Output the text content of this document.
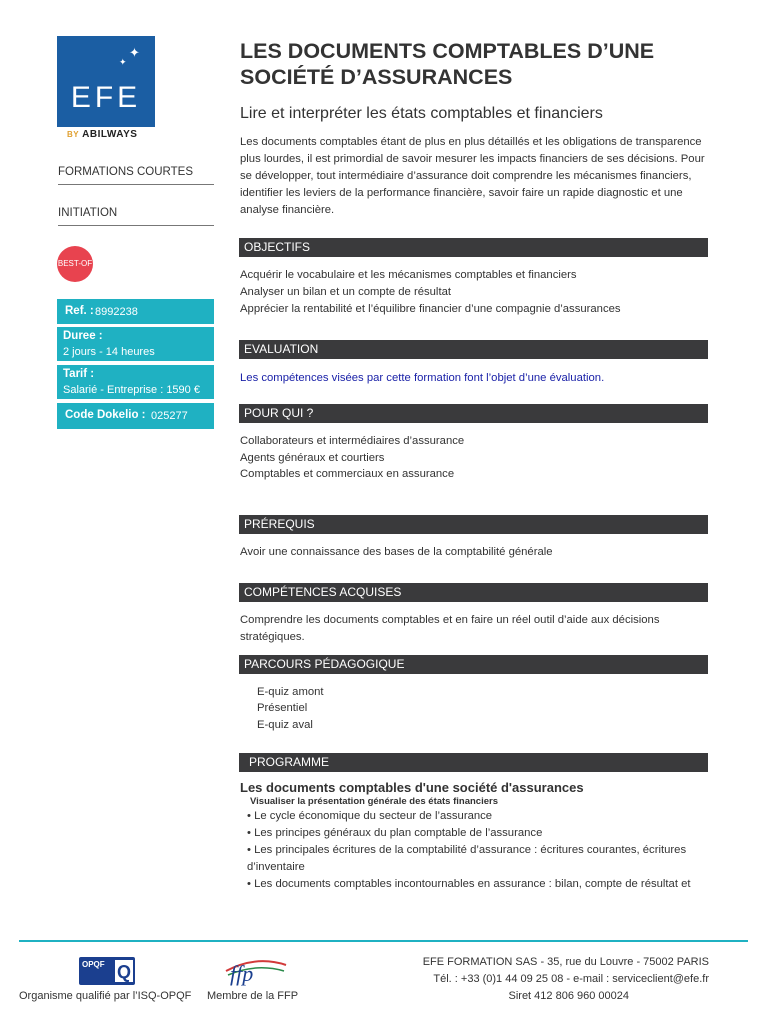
✦
✦
EFE
BY ABILWAYS
FORMATIONS COURTES
INITIATION
BEST-OF
Ref. : 8992238
Duree :
2 jours - 14 heures
Tarif :
Salarié - Entreprise : 1590 €
Code Dokelio : 025277
LES DOCUMENTS COMPTABLES D’UNE SOCIÉTÉ D’ASSURANCES
Lire et interpréter les états comptables et financiers
Les documents comptables étant de plus en plus détaillés et les obligations de transparence plus lourdes, il est primordial de savoir mesurer les impacts financiers de ses décisions. Pour se développer, tout intermédiaire d’assurance doit comprendre les mécanismes financiers, identifier les leviers de la performance financière, savoir faire un rapide diagnostic et une analyse financière.
OBJECTIFS
Acquérir le vocabulaire et les mécanismes comptables et financiers
Analyser un bilan et un compte de résultat
Apprécier la rentabilité et l’équilibre financier d’une compagnie d’assurances
EVALUATION
Les compétences visées par cette formation font l’objet d’une évaluation.
POUR QUI ?
Collaborateurs et intermédiaires d’assurance
Agents généraux et courtiers
Comptables et commerciaux en assurance
PRÉREQUIS
Avoir une connaissance des bases de la comptabilité générale
COMPÉTENCES ACQUISES
Comprendre les documents comptables et en faire un réel outil d’aide aux décisions stratégiques.
PARCOURS PÉDAGOGIQUE
E-quiz amont
Présentiel
E-quiz aval
PROGRAMME
Les documents comptables d'une société d'assurances
Visualiser la présentation générale des états financiers
• Le cycle économique du secteur de l’assurance
• Les principes généraux du plan comptable de l’assurance
• Les principales écritures de la comptabilité d’assurance : écritures courantes, écritures d’inventaire
• Les documents comptables incontournables en assurance : bilan, compte de résultat et
OPQF Q	ffp
Organisme qualifié par l’ISQ-OPQF Membre de la FFP
EFE FORMATION SAS - 35, rue du Louvre - 75002 PARIS
Tél. : +33 (0)1 44 09 25 08 - e-mail : serviceclient@efe.fr
Siret 412 806 960 00024
